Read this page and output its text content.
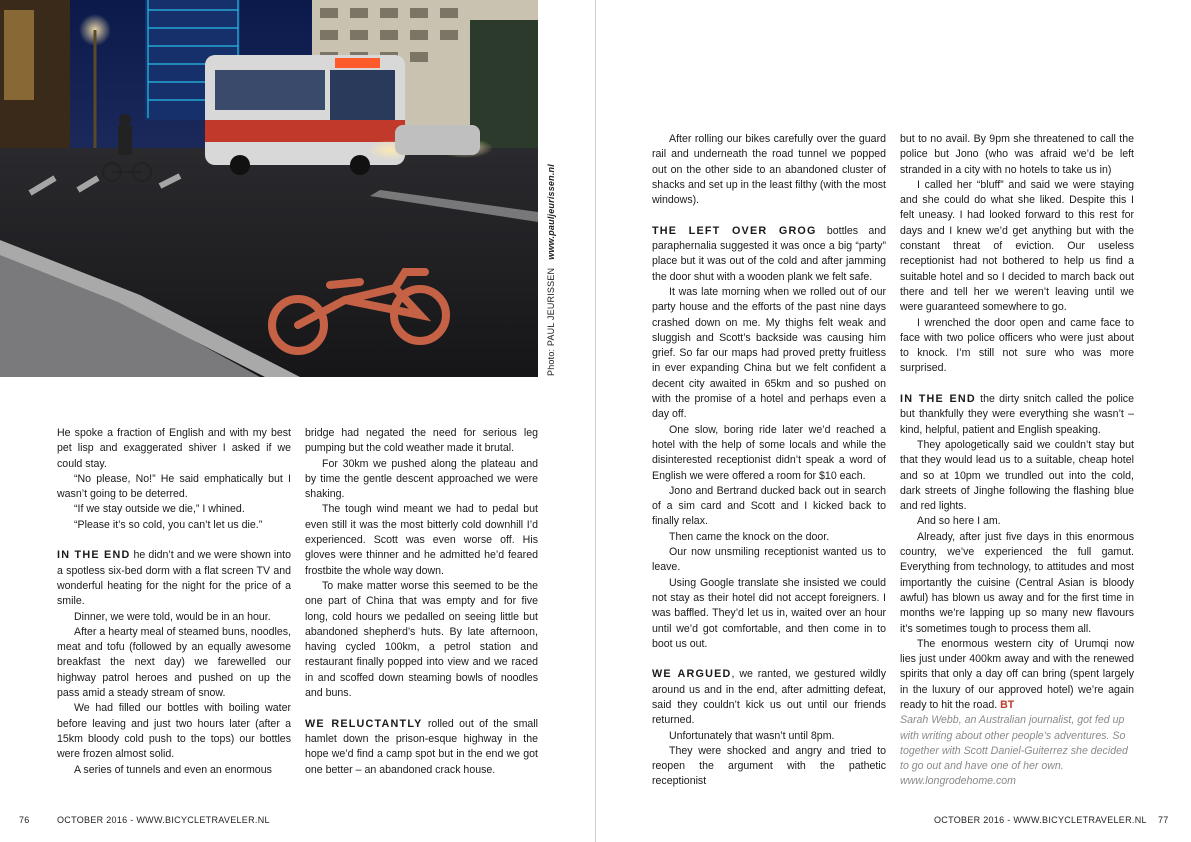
Photo: PAUL JEURISSENwww.pauljeurissen.nl

He spoke a fraction of English and with my best pet lisp and exaggerated shiver I asked if we could stay.

“No please, No!” He said emphatically but I wasn’t going to be deterred.

“If we stay outside we die,” I whined.

“Please it’s so cold, you can’t let us die.”

IN THE END he didn’t and we were shown into a spotless six-bed dorm with a flat screen TV and wonderful heating for the night for the price of a smile.

Dinner, we were told, would be in an hour.

After a hearty meal of steamed buns, noodles, meat and tofu (followed by an equally awesome breakfast the next day) we farewelled our highway patrol heroes and pushed on up the pass amid a steady stream of snow.

We had filled our bottles with boiling water before leaving and just two hours later (after a 15km bloody cold push to the tops) our bottles were frozen almost solid.

A series of tunnels and even an enormous

bridge had negated the need for serious leg pumping but the cold weather made it brutal.

For 30km we pushed along the plateau and by time the gentle descent approached we were shaking.

The tough wind meant we had to pedal but even still it was the most bitterly cold downhill I’d experienced. Scott was even worse off. His gloves were thinner and he admitted he’d feared frostbite the whole way down.

To make matter worse this seemed to be the one part of China that was empty and for five long, cold hours we pedalled on seeing little but abandoned shepherd’s huts. By late afternoon, having cycled 100km, a petrol station and restaurant finally popped into view and we raced in and scoffed down steaming bowls of noodles and buns.

WE RELUCTANTLY rolled out of the small hamlet down the prison-esque highway in the hope we’d find a camp spot but in the end we got one better – an abandoned crack house.

After rolling our bikes carefully over the guard rail and underneath the road tunnel we popped out on the other side to an abandoned cluster of shacks and set up in the least filthy (with the most windows).

THE LEFT OVER GROG bottles and paraphernalia suggested it was once a big “party” place but it was out of the cold and after jamming the door shut with a wooden plank we felt safe.

It was late morning when we rolled out of our party house and the efforts of the past nine days crashed down on me. My thighs felt weak and sluggish and Scott’s backside was causing him grief. So far our maps had proved pretty fruitless in ever expanding China but we felt confident a decent city awaited in 65km and so pushed on with the promise of a hotel and perhaps even a day off.

One slow, boring ride later we’d reached a hotel with the help of some locals and while the disinterested receptionist didn’t speak a word of English we were offered a room for $10 each.

Jono and Bertrand ducked back out in search of a sim card and Scott and I kicked back to finally relax.

Then came the knock on the door.

Our now unsmiling receptionist wanted us to leave.

Using Google translate she insisted we could not stay as their hotel did not accept foreigners. I was baffled. They’d let us in, waited over an hour until we’d got comfortable, and then come in to boot us out.

WE ARGUED, we ranted, we gestured wildly around us and in the end, after admitting defeat, said they couldn’t kick us out until our friends returned.

Unfortunately that wasn’t until 8pm.

They were shocked and angry and tried to reopen the argument with the pathetic receptionist

but to no avail. By 9pm she threatened to call the police but Jono (who was afraid we’d be left stranded in a city with no hotels to take us in)

I called her “bluff” and said we were staying and she could do what she liked. Despite this I felt uneasy. I had looked forward to this rest for days and I knew we’d get anything but with the constant threat of eviction. Our useless receptionist had not bothered to help us find a suitable hotel and so I decided to march back out there and tell her we weren’t leaving until we were guaranteed somewhere to go.

I wrenched the door open and came face to face with two police officers who were just about to knock. I’m still not sure who was more surprised.

IN THE END the dirty snitch called the police but thankfully they were everything she wasn’t – kind, helpful, patient and English speaking.

They apologetically said we couldn’t stay but that they would lead us to a suitable, cheap hotel and so at 10pm we trundled out into the cold, dark streets of Jinghe following the flashing blue and red lights.

And so here I am.

Already, after just five days in this enormous country, we’ve experienced the full gamut. Everything from technology, to attitudes and most importantly the cuisine (Central Asian is bloody awful) has blown us away and for the first time in months we’re lapping up so many new flavours it’s sometimes tough to process them all.

The enormous western city of Urumqi now lies just under 400km away and with the renewed spirits that only a day off can bring (spent largely in the luxury of our approved hotel) we’re again ready to hit the road. BT

Sarah Webb, an Australian journalist, got fed up with writing about other people’s adventures. So together with Scott Daniel-Guiterrez she decided to go out and have one of her own. www.longrodehome.com

76	OCTOBER 2016 - WWW.BICYCLETRAVELER.NL	OCTOBER 2016 - WWW.BICYCLETRAVELER.NL 77
